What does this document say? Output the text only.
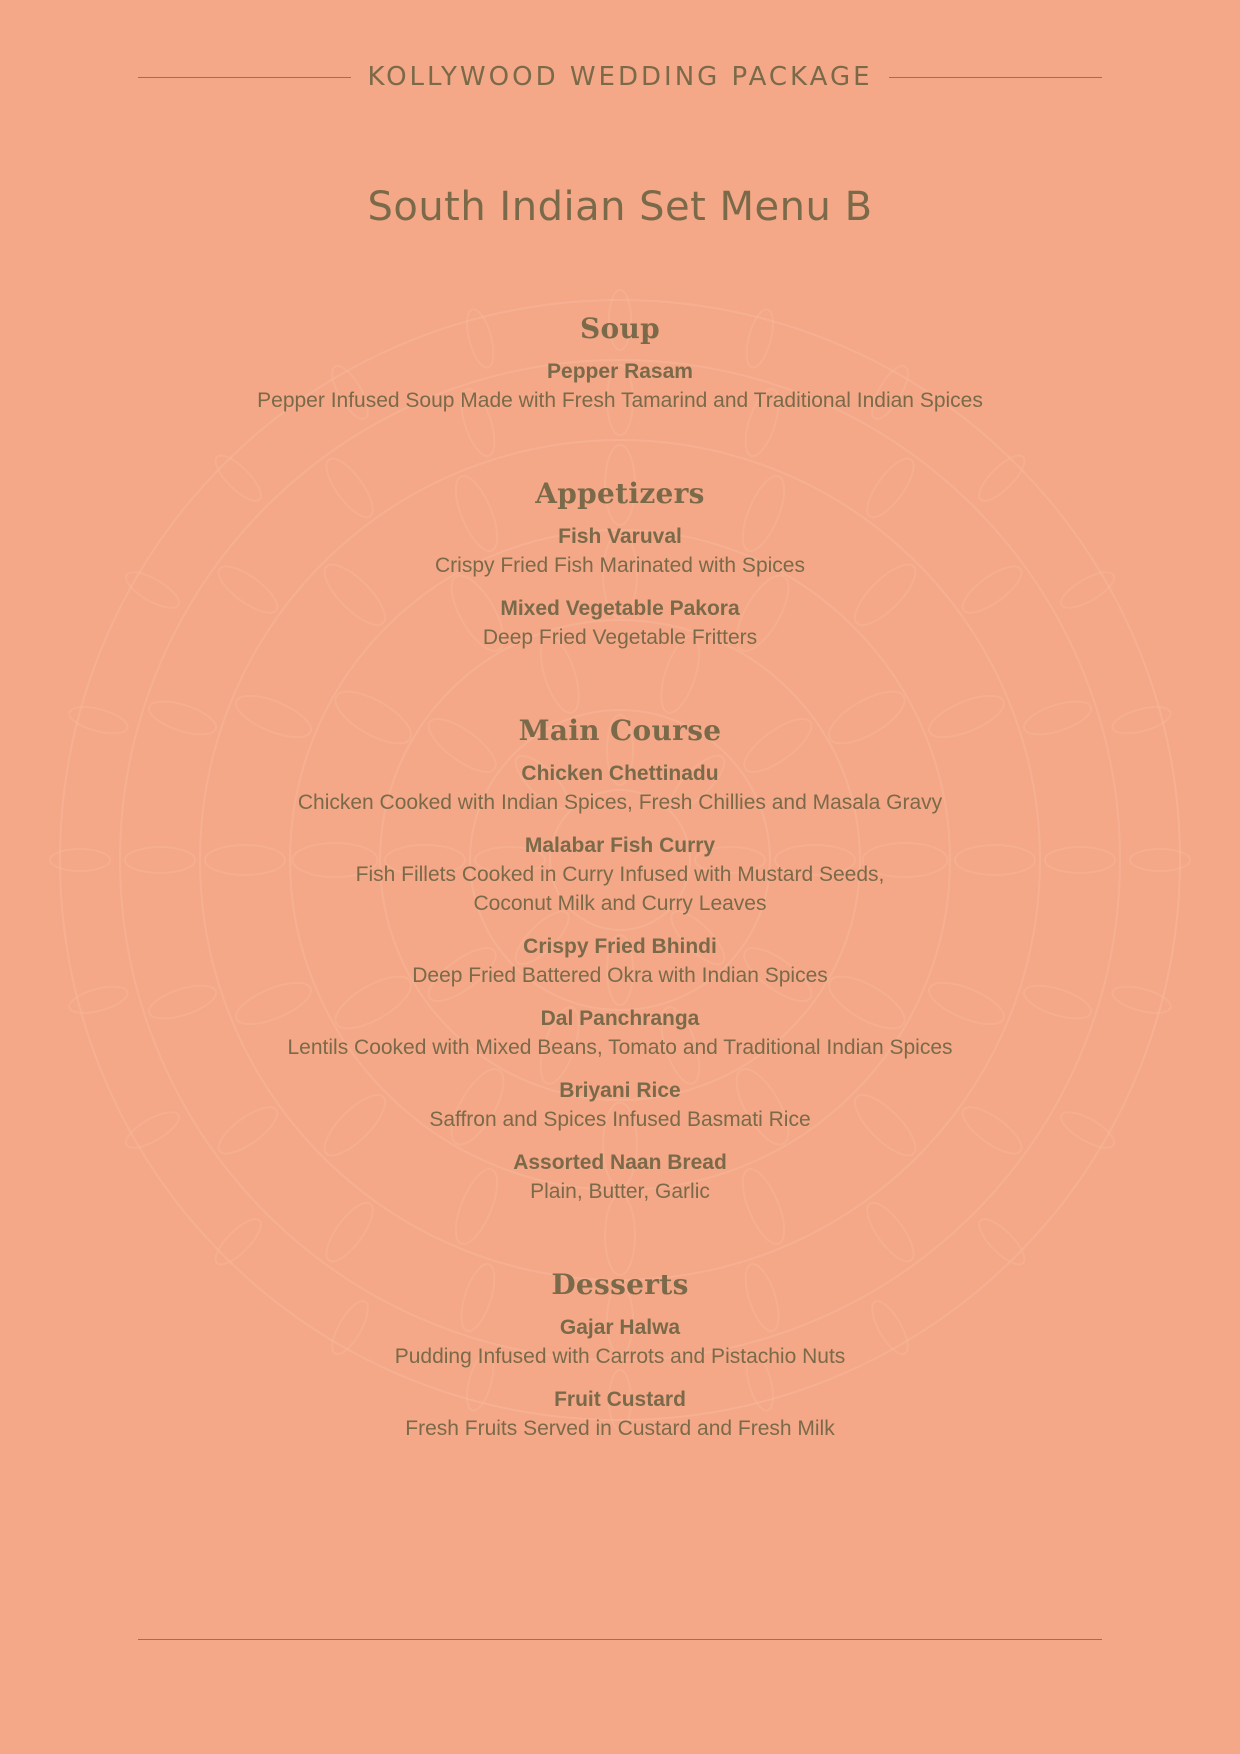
KOLLYWOOD WEDDING PACKAGE
South Indian Set Menu B
Soup
Pepper Rasam
Pepper Infused Soup Made with Fresh Tamarind and Traditional Indian Spices
Appetizers
Fish Varuval
Crispy Fried Fish Marinated with Spices
Mixed Vegetable Pakora
Deep Fried Vegetable Fritters
Main Course
Chicken Chettinadu
Chicken Cooked with Indian Spices, Fresh Chillies and Masala Gravy
Malabar Fish Curry
Fish Fillets Cooked in Curry Infused with Mustard Seeds,
Coconut Milk and Curry Leaves
Crispy Fried Bhindi
Deep Fried Battered Okra with Indian Spices
Dal Panchranga
Lentils Cooked with Mixed Beans, Tomato and Traditional Indian Spices
Briyani Rice
Saffron and Spices Infused Basmati Rice
Assorted Naan Bread
Plain, Butter, Garlic
Desserts
Gajar Halwa
Pudding Infused with Carrots and Pistachio Nuts
Fruit Custard
Fresh Fruits Served in Custard and Fresh Milk
